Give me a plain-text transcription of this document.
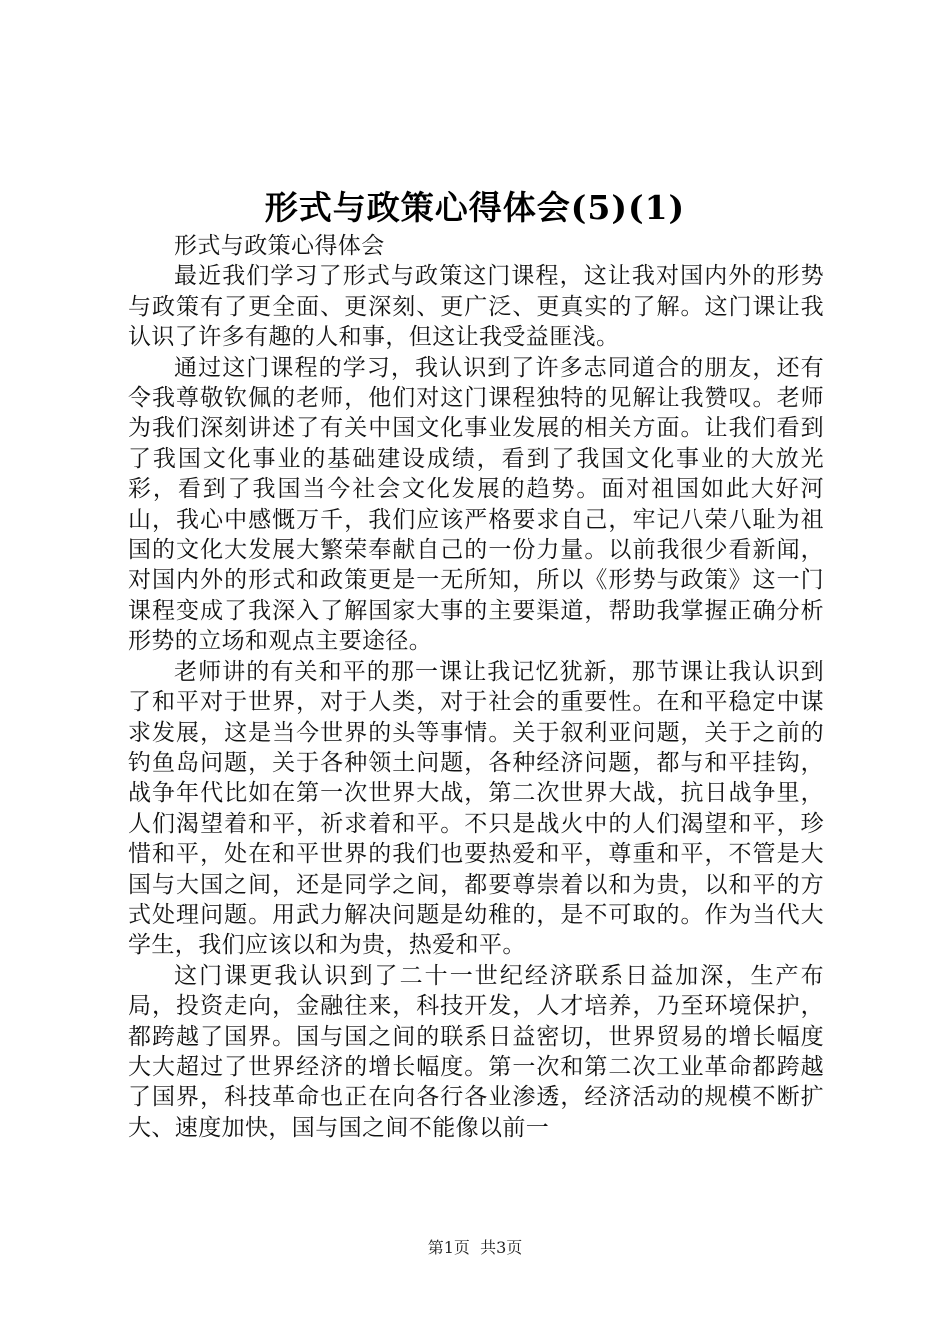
形式与政策心得体会(5)(1)

形式与政策心得体会

最近我们学习了形式与政策这门课程，这让我对国内外的形势与政策有了更全面、更深刻、更广泛、更真实的了解。这门课让我认识了许多有趣的人和事，但这让我受益匪浅。

通过这门课程的学习，我认识到了许多志同道合的朋友，还有令我尊敬钦佩的老师，他们对这门课程独特的见解让我赞叹。老师为我们深刻讲述了有关中国文化事业发展的相关方面。让我们看到了我国文化事业的基础建设成绩，看到了我国文化事业的大放光彩，看到了我国当今社会文化发展的趋势。面对祖国如此大好河山，我心中感慨万千，我们应该严格要求自己，牢记八荣八耻为祖国的文化大发展大繁荣奉献自己的一份力量。以前我很少看新闻，对国内外的形式和政策更是一无所知，所以《形势与政策》这一门课程变成了我深入了解国家大事的主要渠道，帮助我掌握正确分析形势的立场和观点主要途径。

老师讲的有关和平的那一课让我记忆犹新，那节课让我认识到了和平对于世界，对于人类，对于社会的重要性。在和平稳定中谋求发展，这是当今世界的头等事情。关于叙利亚问题，关于之前的钓鱼岛问题，关于各种领土问题，各种经济问题，都与和平挂钩，战争年代比如在第一次世界大战，第二次世界大战，抗日战争里，人们渴望着和平，祈求着和平。不只是战火中的人们渴望和平，珍惜和平，处在和平世界的我们也要热爱和平，尊重和平，不管是大国与大国之间，还是同学之间，都要尊崇着以和为贵，以和平的方式处理问题。用武力解决问题是幼稚的，是不可取的。作为当代大学生，我们应该以和为贵，热爱和平。

这门课更我认识到了二十一世纪经济联系日益加深，生产布局，投资走向，金融往来，科技开发，人才培养，乃至环境保护，都跨越了国界。国与国之间的联系日益密切，世界贸易的增长幅度大大超过了世界经济的增长幅度。第一次和第二次工业革命都跨越了国界，科技革命也正在向各行各业渗透，经济活动的规模不断扩大、速度加快，国与国之间不能像以前一

第1页 共3页
